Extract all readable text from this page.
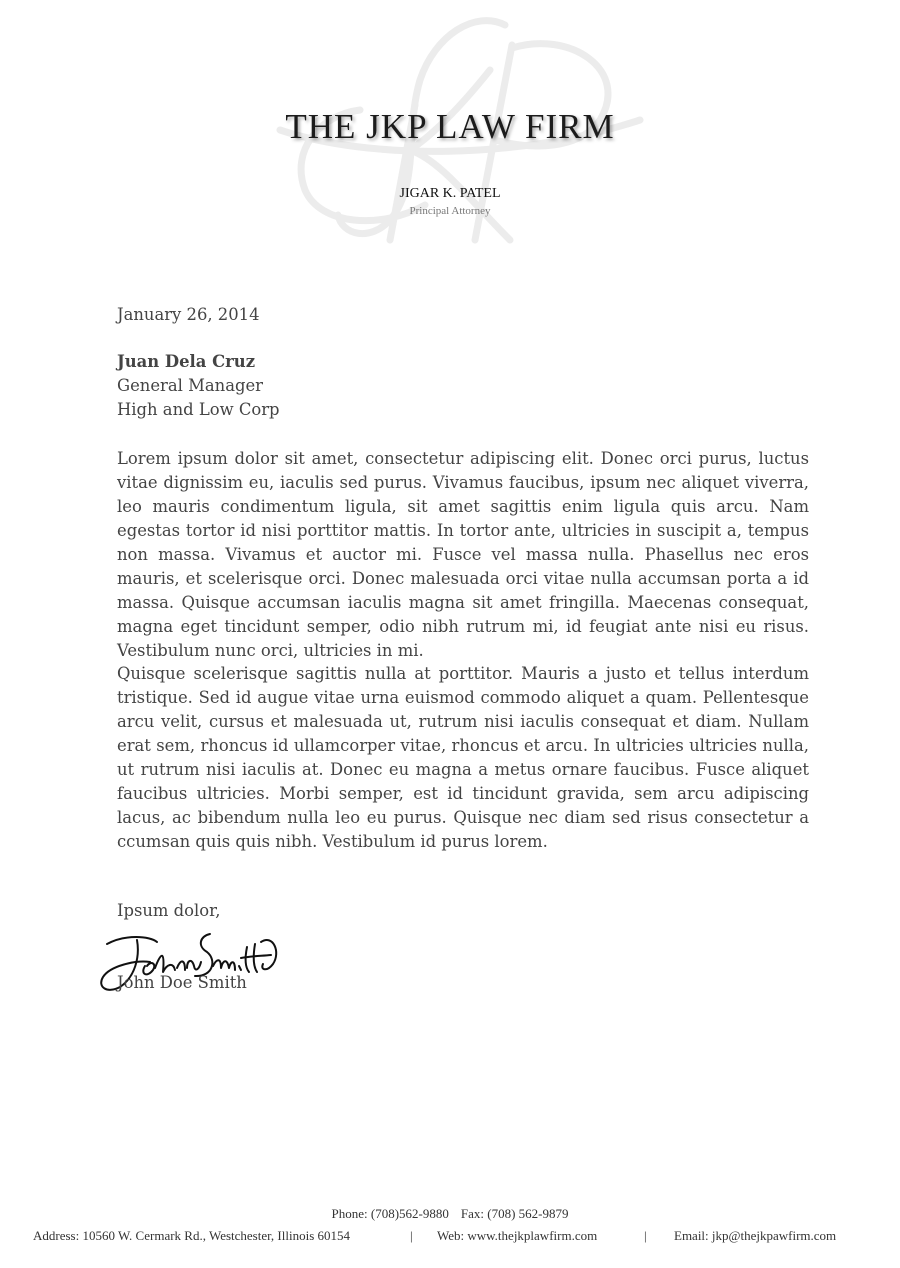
THE JKP LAW FIRM
JIGAR K. PATEL
Principal Attorney
January 26, 2014
Juan Dela Cruz
General Manager
High and Low Corp
Lorem ipsum dolor sit amet, consectetur adipiscing elit. Donec orci purus, luctus vitae dignissim eu, iaculis sed purus. Vivamus faucibus, ipsum nec aliquet viverra, leo mauris condimentum ligula, sit amet sagittis enim ligula quis arcu. Nam egestas tortor id nisi porttitor mattis. In tortor ante, ultricies in suscipit a, tempus non massa. Vivamus et auctor mi. Fusce vel massa nulla. Phasellus nec eros mauris, et scelerisque orci. Donec malesuada orci vitae nulla accumsan porta a id massa. Quisque accumsan iaculis magna sit amet fringilla. Maecenas consequat, magna eget tincidunt semper, odio nibh rutrum mi, id feugiat ante nisi eu risus. Vestibulum nunc orci, ultricies in mi.
Quisque scelerisque sagittis nulla at porttitor. Mauris a justo et tellus interdum tristique. Sed id augue vitae urna euismod commodo aliquet a quam. Pellentesque arcu velit, cursus et malesuada ut, rutrum nisi iaculis consequat et diam. Nullam erat sem, rhoncus id ullamcorper vitae, rhoncus et arcu. In ultricies ultricies nulla, ut rutrum nisi iaculis at. Donec eu magna a metus ornare faucibus. Fusce aliquet faucibus ultricies. Morbi semper, est id tincidunt gravida, sem arcu adipiscing lacus, ac bibendum nulla leo eu purus. Quisque nec diam sed risus consectetur a ccumsan quis quis nibh. Vestibulum id purus lorem.
Ipsum dolor,
John Doe Smith
Phone: (708)562-9880 Fax: (708) 562-9879
Address: 10560 W. Cermark Rd., Westchester, Illinois 60154	| Web: www.thejkplawfirm.com	| Email: jkp@thejkpawfirm.com
